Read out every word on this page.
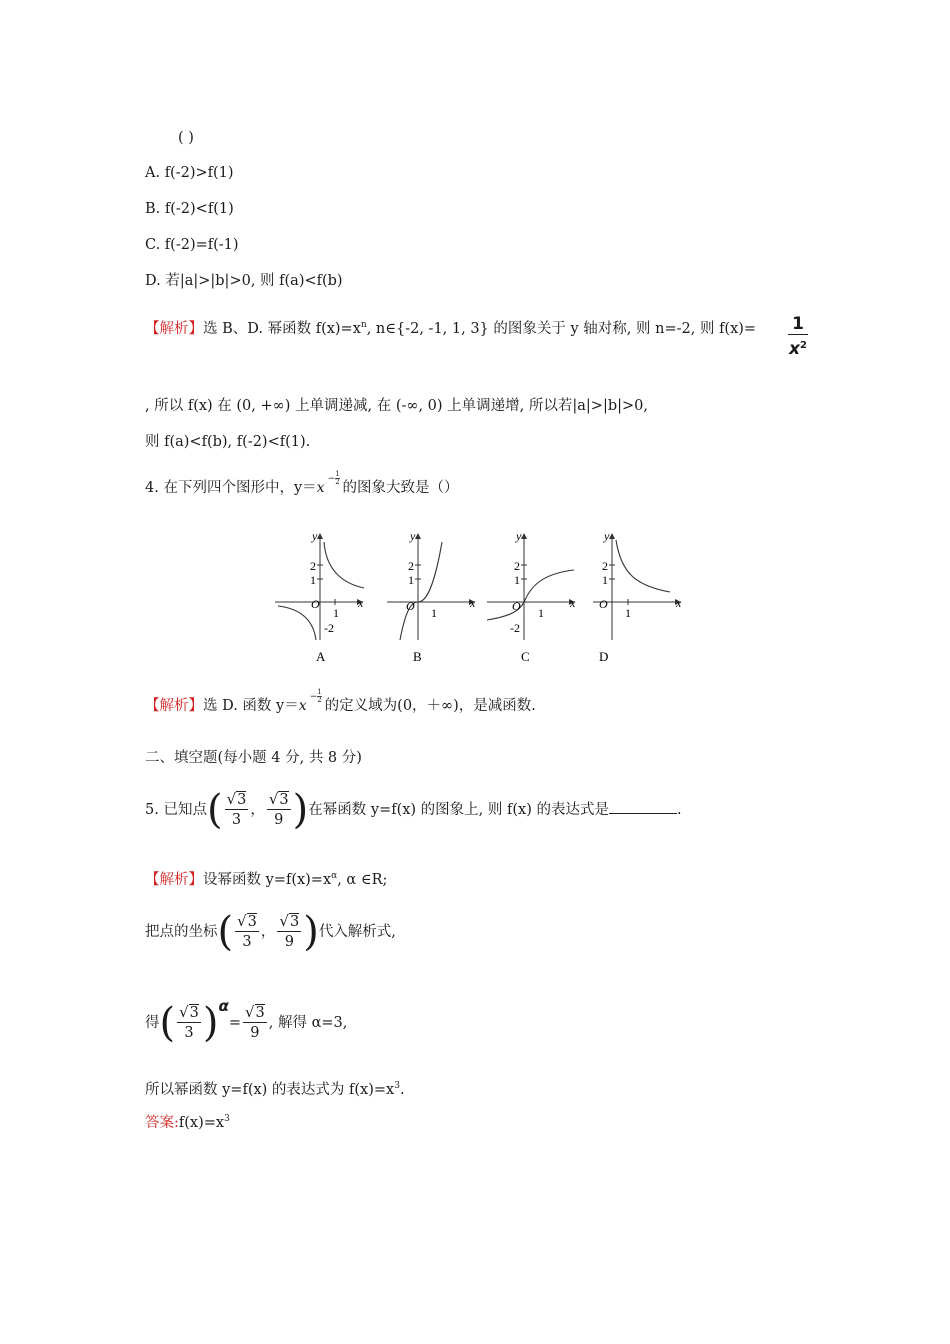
( )
A. f(-2)>f(1)
B. f(-2)<f(1)
C. f(-2)=f(-1)
D. 若|a|>|b|>0, 则 f(a)<f(b)
【解析】选 B、D. 幂函数 $f(x)=x^n$, n∈{-2, -1, 1, 3} 的图象关于 y 轴对称, 则 n=-2, 则 f(x)= 1
$x^2$
, 所以 f(x) 在 (0, +∞) 上单调递减, 在 (-∞, 0) 上单调递增, 所以若|a|>|b|>0,
则 f(a)<f(b), f(-2)<f(1).
4. 在下列四个图形中，y＝x
− $\frac{1}{2}$
的图象大致是（）
y
x
O
1
2
1
-2
A
y
x
O 1
2
1
B
y
x
O 1
2
1
-2
C
y
x
O
1
2
1
D
【解析】选 D. 函数 y＝x
− $\frac{1}{2}$
的定义域为(0，＋∞)，是减函数.
二、填空题(每小题 4 分, 共 8 分)
5. 已知点( $\frac{√3}{3}$ ， $\frac{√3}{9}$ )在幂函数 y=f(x) 的图象上, 则 f(x) 的表达式是	.
【解析】设幂函数 $y=f(x)=x^\alpha$, α ∈R;
把点的坐标( $\frac{√3}{3}$ ， $\frac{√3}{9}$ )代入解析式,
得( $\frac{√3}{3} )\alpha= \frac{√3}{9}$ , 解得 α=3,
所以幂函数 y=f(x) 的表达式为 $f(x)=x^3$.
答案$:f(x)=x^3$
